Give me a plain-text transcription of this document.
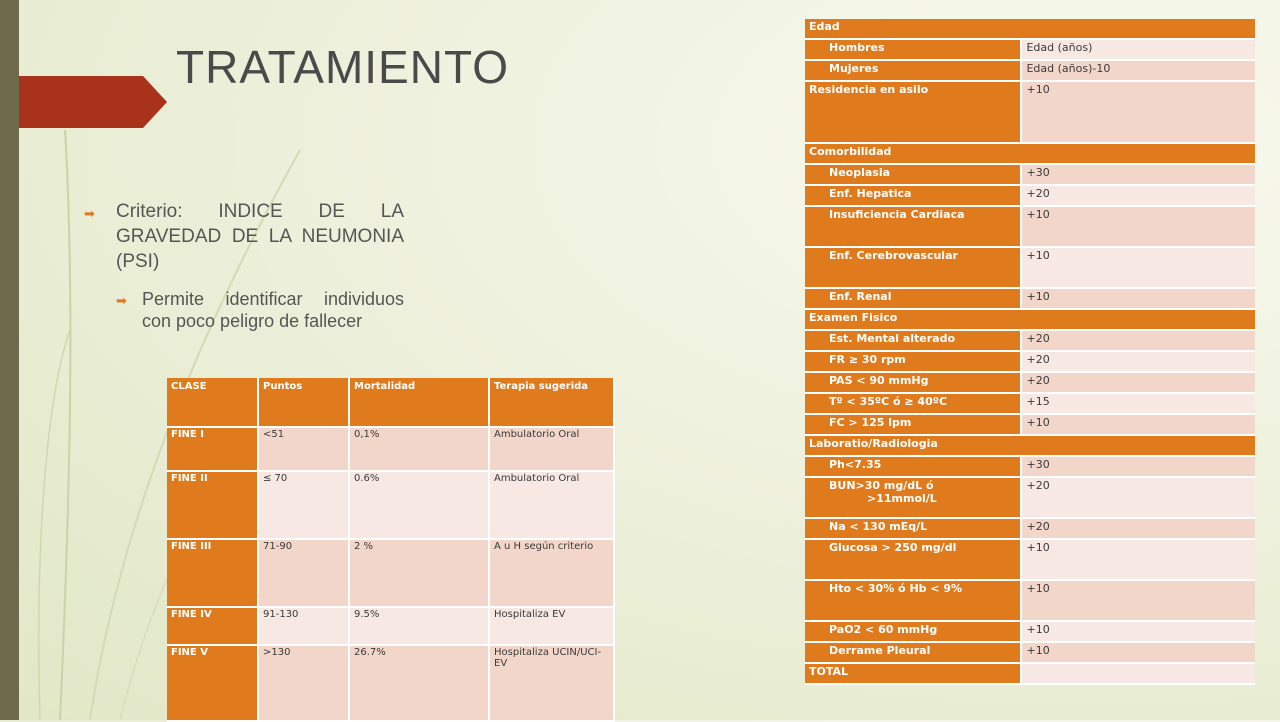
TRATAMIENTO
➡	Criterio: INDICE DE LA GRAVEDAD DE LA NEUMONIA (PSI)
➡ Permite identificar individuos con poco peligro de fallecer
CLASE	Puntos	Mortalidad	Terapia sugerida
FINE I	<51	0,1%	Ambulatorio Oral
FINE II	≤ 70	0.6%	Ambulatorio Oral
FINE III	71-90	2 %	A u H según criterio
FINE IV	91-130	9.5%	Hospitaliza EV
FINE V	>130	26.7%	Hospitaliza UCIN/UCI-EV
Edad	
Hombres	Edad (años)
Mujeres	Edad (años)-10
Residencia en asilo	+10
Comorbilidad	
Neoplasia	+30
Enf. Hepatica	+20
Insuficiencia Cardiaca	+10
Enf. Cerebrovascular	+10
Enf. Renal	+10
Examen Fisico	
Est. Mental alterado	+20
FR ≥ 30 rpm	+20
PAS < 90 mmHg	+20
Tº < 35ºC ó ≥ 40ºC	+15
FC > 125 lpm	+10
Laboratio/Radiologia	
Ph<7.35	+30
BUN>30 mg/dL ó
>11mmol/L	+20
Na < 130 mEq/L	+20
Glucosa > 250 mg/dl	+10
Hto < 30% ó Hb < 9%	+10
PaO2 < 60 mmHg	+10
Derrame Pleural	+10
TOTAL	
